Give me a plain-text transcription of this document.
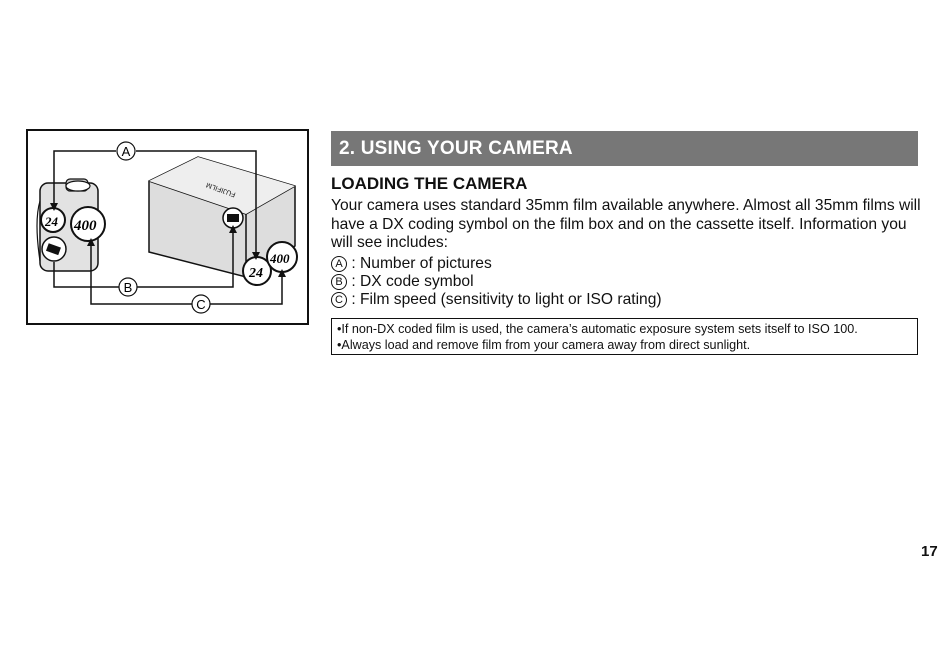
FUJIFILM
24
400
24 400
A
B
C
2. USING YOUR CAMERA
LOADING THE CAMERA

Your camera uses standard 35mm film available anywhere. Almost all 35mm films will have a DX coding symbol on the film box and on the cassette itself. Information you will see includes:

A : Number of pictures
B : DX code symbol
C : Film speed (sensitivity to light or ISO rating)
•If non-DX coded film is used, the camera’s automatic exposure system sets itself to ISO 100.
•Always load and remove film from your camera away from direct sunlight.
17
